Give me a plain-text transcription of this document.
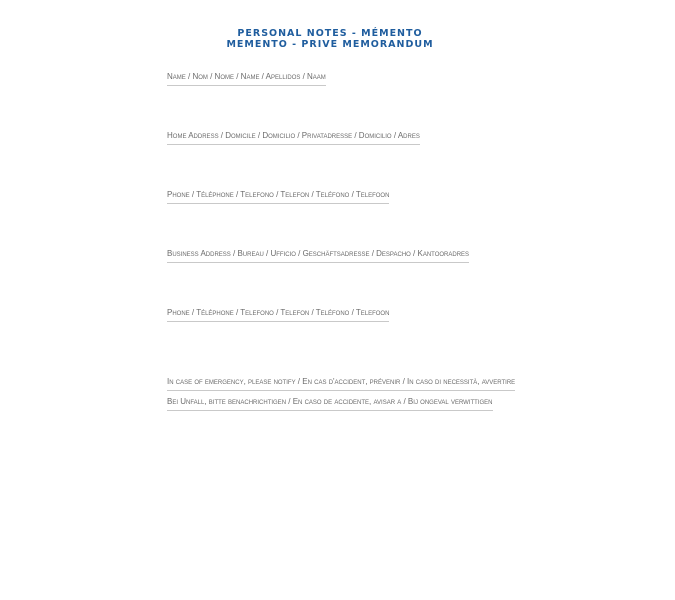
PERSONAL NOTES - MÉMENTO
MEMENTO - PRIVE MEMORANDUM
Name / Nom / Nome / Name / Apellidos / Naam
Home Address / Domicile / Domicilio / Privatadresse / Domicilio / Adres
Phone / Téléphone / Telefono / Telefon / Teléfono / Telefoon
Business Address / Bureau / Ufficio / Geschäftsadresse / Despacho / Kantooradres
Phone / Téléphone / Telefono / Telefon / Teléfono / Telefoon
In case of emergency, please notify / En cas d'accident, prévenir / In caso di necessità, avvertire
Bei Unfall, bitte benachrichtigen / En caso de accidente, avisar a / Bij ongeval verwittigen
